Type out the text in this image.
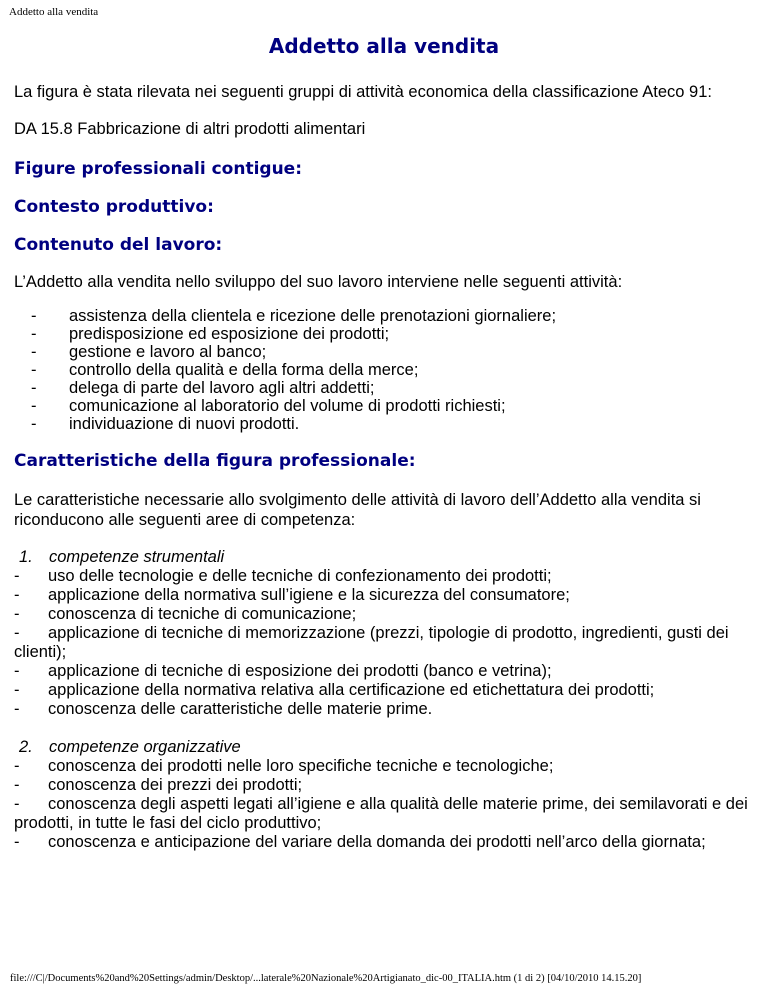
Addetto alla vendita
Addetto alla vendita

La figura è stata rilevata nei seguenti gruppi di attività economica della classificazione Ateco 91:

DA 15.8 Fabbricazione di altri prodotti alimentari

Figure professionali contigue:
Contesto produttivo:
Contenuto del lavoro:

L’Addetto alla vendita nello sviluppo del suo lavoro interviene nelle seguenti attività:

- assistenza della clientela e ricezione delle prenotazioni giornaliere;
- predisposizione ed esposizione dei prodotti;
- gestione e lavoro al banco;
- controllo della qualità e della forma della merce;
- delega di parte del lavoro agli altri addetti;
- comunicazione al laboratorio del volume di prodotti richiesti;
- individuazione di nuovi prodotti.
Caratteristiche della figura professionale:

Le caratteristiche necessarie allo svolgimento delle attività di lavoro dell’Addetto alla vendita si riconducono alle seguenti aree di competenza:

1. competenze strumentali
- uso delle tecnologie e delle tecniche di confezionamento dei prodotti;
- applicazione della normativa sull’igiene e la sicurezza del consumatore;
- conoscenza di tecniche di comunicazione;
- applicazione di tecniche di memorizzazione (prezzi, tipologie di prodotto, ingredienti, gusti dei clienti);
- applicazione di tecniche di esposizione dei prodotti (banco e vetrina);
- applicazione della normativa relativa alla certificazione ed etichettatura dei prodotti;
- conoscenza delle caratteristiche delle materie prime.
2. competenze organizzative
- conoscenza dei prodotti nelle loro specifiche tecniche e tecnologiche;
- conoscenza dei prezzi dei prodotti;
- conoscenza degli aspetti legati all’igiene e alla qualità delle materie prime, dei semilavorati e dei prodotti, in tutte le fasi del ciclo produttivo;
- conoscenza e anticipazione del variare della domanda dei prodotti nell’arco della giornata;
file:///C|/Documents%20and%20Settings/admin/Desktop/...laterale%20Nazionale%20Artigianato_dic-00_ITALIA.htm (1 di 2) [04/10/2010 14.15.20]
